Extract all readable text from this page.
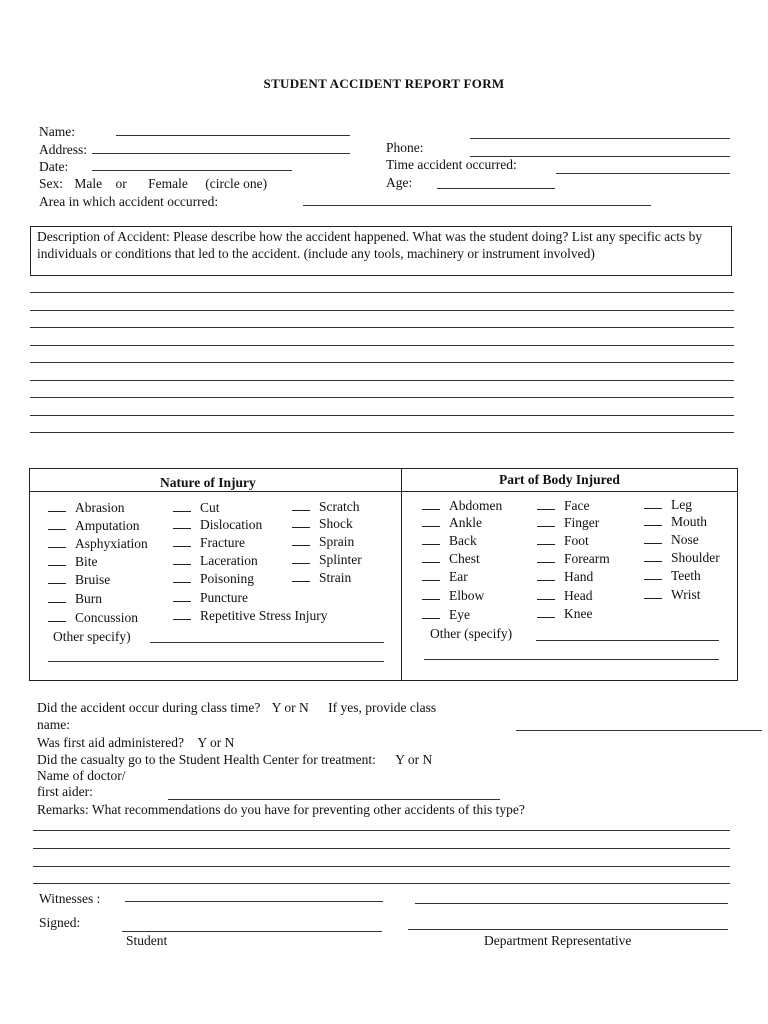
STUDENT ACCIDENT REPORT FORM
Name:
Address:
Date:
Sex: Male or Female (circle one)
Area in which accident occurred:
Phone:
Time accident occurred:
Age:
Description of Accident: Please describe how the accident happened. What was the student doing? List any specific acts by individuals or conditions that led to the accident. (include any tools, machinery or instrument involved)
Nature of Injury	Part of Body Injured
Abrasion
Amputation
Asphyxiation
Bite
Bruise
Burn
Concussion
Cut
Dislocation
Fracture
Laceration
Poisoning
Puncture
Repetitive Stress Injury
Scratch
Shock
Sprain
Splinter
Strain
Other specify)
Abdomen
Ankle
Back
Chest
Ear
Elbow
Eye
Face
Finger
Foot
Forearm
Hand
Head
Knee
Leg
Mouth
Nose
Shoulder
Teeth
Wrist
Other (specify)
Did the accident occur during class time? Y or N If yes, provide class
name:
Was first aid administered? Y or N
Did the casualty go to the Student Health Center for treatment: Y or N
Name of doctor/
first aider:
Remarks: What recommendations do you have for preventing other accidents of this type?
Witnesses :
Signed:
Student	Department Representative
